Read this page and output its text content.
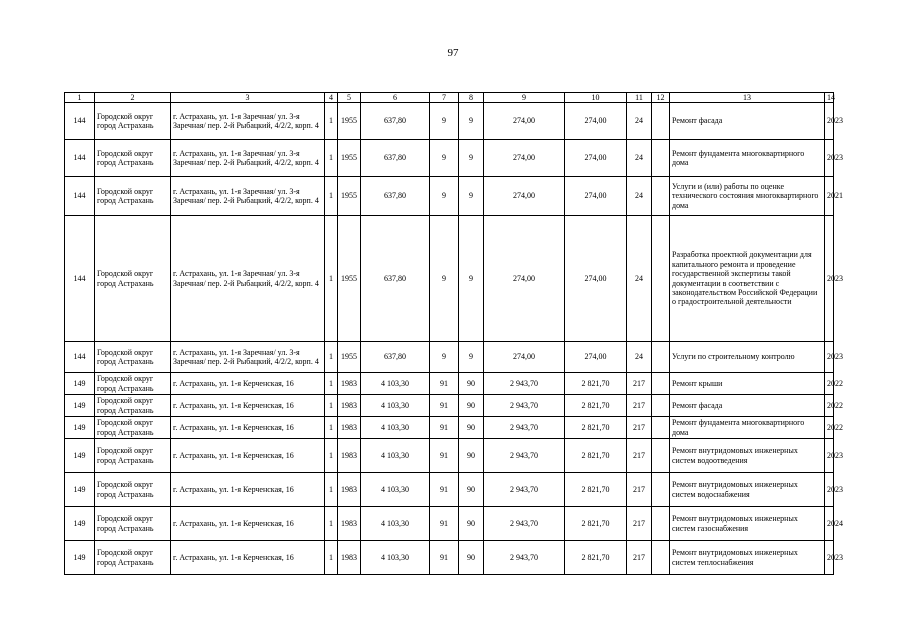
97
1	2	3	4	5	6	7	8	9	10	11	12	13	14
144	Городской округ город Астрахань	г. Астрахань, ул. 1-я Заречная/ ул. 3-я Заречная/ пер. 2-й Рыбацкий, 4/2/2, корп. 4	1	1955	637,80	9	9	274,00	274,00	24		Ремонт фасада	2023
144	Городской округ город Астрахань	г. Астрахань, ул. 1-я Заречная/ ул. 3-я Заречная/ пер. 2-й Рыбацкий, 4/2/2, корп. 4	1	1955	637,80	9	9	274,00	274,00	24		Ремонт фундамента многоквартирного дома	2023
144	Городской округ город Астрахань	г. Астрахань, ул. 1-я Заречная/ ул. 3-я Заречная/ пер. 2-й Рыбацкий, 4/2/2, корп. 4	1	1955	637,80	9	9	274,00	274,00	24		Услуги и (или) работы по оценке технического состояния многоквартирного дома	2021
144	Городской округ город Астрахань	г. Астрахань, ул. 1-я Заречная/ ул. 3-я Заречная/ пер. 2-й Рыбацкий, 4/2/2, корп. 4	1	1955	637,80	9	9	274,00	274,00	24		Разработка проектной документации для капитального ремонта и проведение государственной экспертизы такой документации в соответствии с законодательством Российской Федерации о градостроительной деятельности	2023
144	Городской округ город Астрахань	г. Астрахань, ул. 1-я Заречная/ ул. 3-я Заречная/ пер. 2-й Рыбацкий, 4/2/2, корп. 4	1	1955	637,80	9	9	274,00	274,00	24		Услуги по строительному контролю	2023
149	Городской округ город Астрахань	г. Астрахань, ул. 1-я Керченская, 16	1	1983	4 103,30	91	90	2 943,70	2 821,70	217		Ремонт крыши	2022
149	Городской округ город Астрахань	г. Астрахань, ул. 1-я Керченская, 16	1	1983	4 103,30	91	90	2 943,70	2 821,70	217		Ремонт фасада	2022
149	Городской округ город Астрахань	г. Астрахань, ул. 1-я Керченская, 16	1	1983	4 103,30	91	90	2 943,70	2 821,70	217		Ремонт фундамента многоквартирного дома	2022
149	Городской округ город Астрахань	г. Астрахань, ул. 1-я Керченская, 16	1	1983	4 103,30	91	90	2 943,70	2 821,70	217		Ремонт внутридомовых инженерных систем водоотведения	2023
149	Городской округ город Астрахань	г. Астрахань, ул. 1-я Керченская, 16	1	1983	4 103,30	91	90	2 943,70	2 821,70	217		Ремонт внутридомовых инженерных систем водоснабжения	2023
149	Городской округ город Астрахань	г. Астрахань, ул. 1-я Керченская, 16	1	1983	4 103,30	91	90	2 943,70	2 821,70	217		Ремонт внутридомовых инженерных систем газоснабжения	2024
149	Городской округ город Астрахань	г. Астрахань, ул. 1-я Керченская, 16	1	1983	4 103,30	91	90	2 943,70	2 821,70	217		Ремонт внутридомовых инженерных систем теплоснабжения	2023
